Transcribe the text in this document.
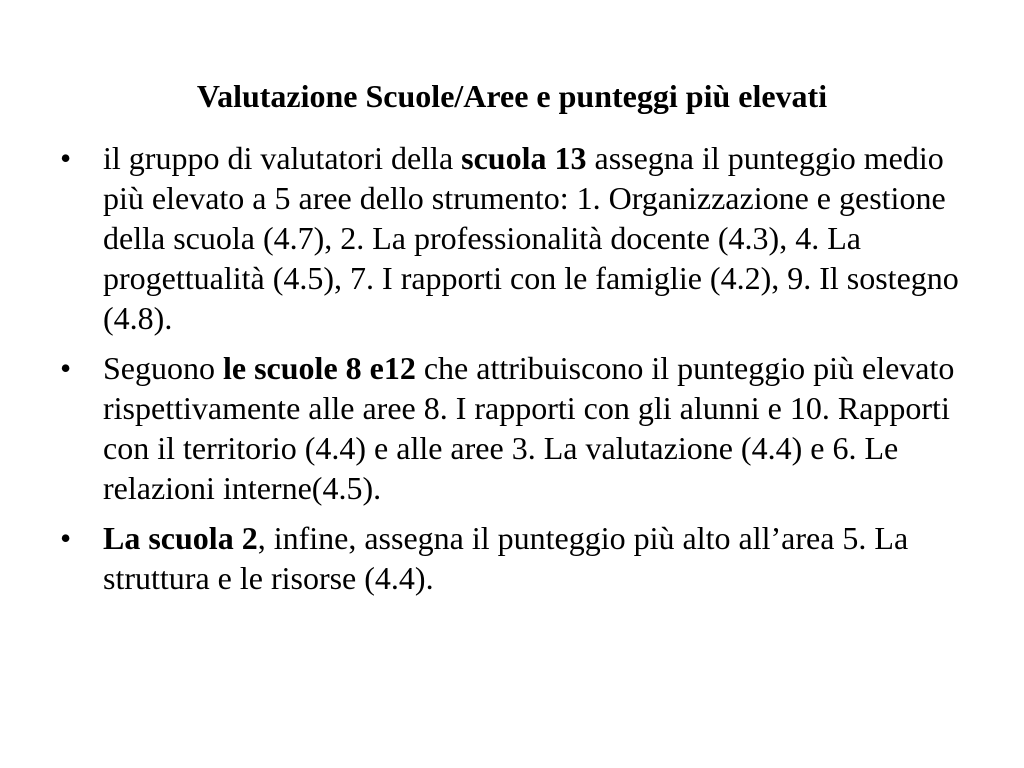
Valutazione Scuole/Aree e punteggi più elevati
• il gruppo di valutatori della scuola 13 assegna il punteggio medio più elevato a 5 aree dello strumento: 1. Organizzazione e gestione della scuola (4.7), 2. La professionalità docente (4.3), 4. La progettualità (4.5), 7. I rapporti con le famiglie (4.2), 9. Il sostegno (4.8).
• Seguono le scuole 8 e12 che attribuiscono il punteggio più elevato rispettivamente alle aree 8. I rapporti con gli alunni e 10. Rapporti con il territorio (4.4) e alle aree 3. La valutazione (4.4) e 6. Le relazioni interne(4.5).
• La scuola 2, infine, assegna il punteggio più alto all’area 5. La struttura e le risorse (4.4).
